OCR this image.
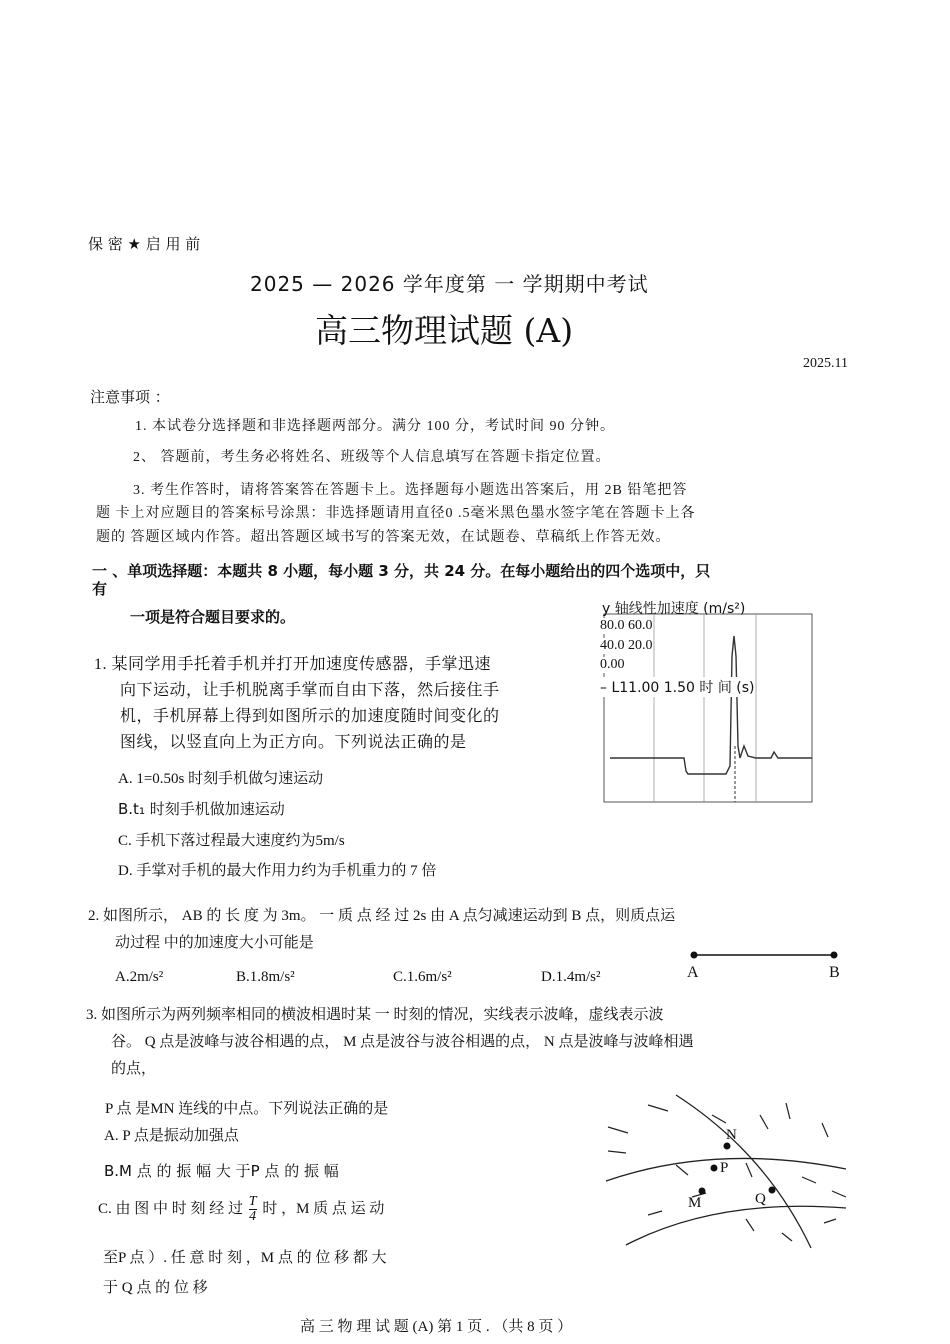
保 密 ★ 启 用 前
2025 — 2026 学年度第 一 学期期中考试
高三物理试题 (A)
2025.11
注意事项 ：
1. 本试卷分选择题和非选择题两部分。满分 100 分，考试时间 90 分钟。
2、 答题前，考生务必将姓名、班级等个人信息填写在答题卡指定位置。
3. 考生作答时，请将答案答在答题卡上。选择题每小题选出答案后，用 2B 铅笔把答
题 卡上对应题目的答案标号涂黑：非选择题请用直径0 .5毫米黑色墨水签字笔在答题卡上各
题的 答题区域内作答。超出答题区域书写的答案无效，在试题卷、草稿纸上作答无效。
一 、单项选择题：本题共 8 小题，每小题 3 分，共 24 分。在每小题给出的四个选项中，只
有
一项是符合题目要求的。
1. 某同学用手托着手机并打开加速度传感器，手掌迅速
向下运动，让手机脱离手掌而自由下落，然后接住手
机，手机屏幕上得到如图所示的加速度随时间变化的
图线，以竖直向上为正方向。下列说法正确的是
A. 1=0.50s 时刻手机做匀速运动
B.t₁ 时刻手机做加速运动
C. 手机下落过程最大速度约为5m/s
D. 手掌对手机的最大作用力约为手机重力的 7 倍
y 轴线性加速度 (m/s²)
80.0 60.0
40.0 20.0
0.00
– L11.00 1.50 时 间 (s)
2. 如图所示， AB 的 长 度 为 3m。 一 质 点 经 过 2s 由 A 点匀减速运动到 B 点，则质点运
动过程 中的加速度大小可能是
A.2m/s²	B.1.8m/s²	C.1.6m/s²	D.1.4m/s²	A	B
3. 如图所示为两列频率相同的横波相遇时某 一 时刻的情况，实线表示波峰，虚线表示波
谷。 Q 点是波峰与波谷相遇的点， M 点是波谷与波谷相遇的点， N 点是波峰与波峰相遇
的点，
P 点 是MN 连线的中点。下列说法正确的是
A. P 点是振动加强点
B.M 点 的 振 幅 大 于P 点 的 振 幅
C. 由 图 中 时 刻 经 过 $\frac{T}{4}$ 时 ，M 质 点 运 动
至P 点 ）. 任 意 时 刻 ，M 点 的 位 移 都 大
于 Q 点 的 位 移
N
P
M	Q
高 三 物 理 试 题 (A) 第 1 页 . （共 8 页 ）
